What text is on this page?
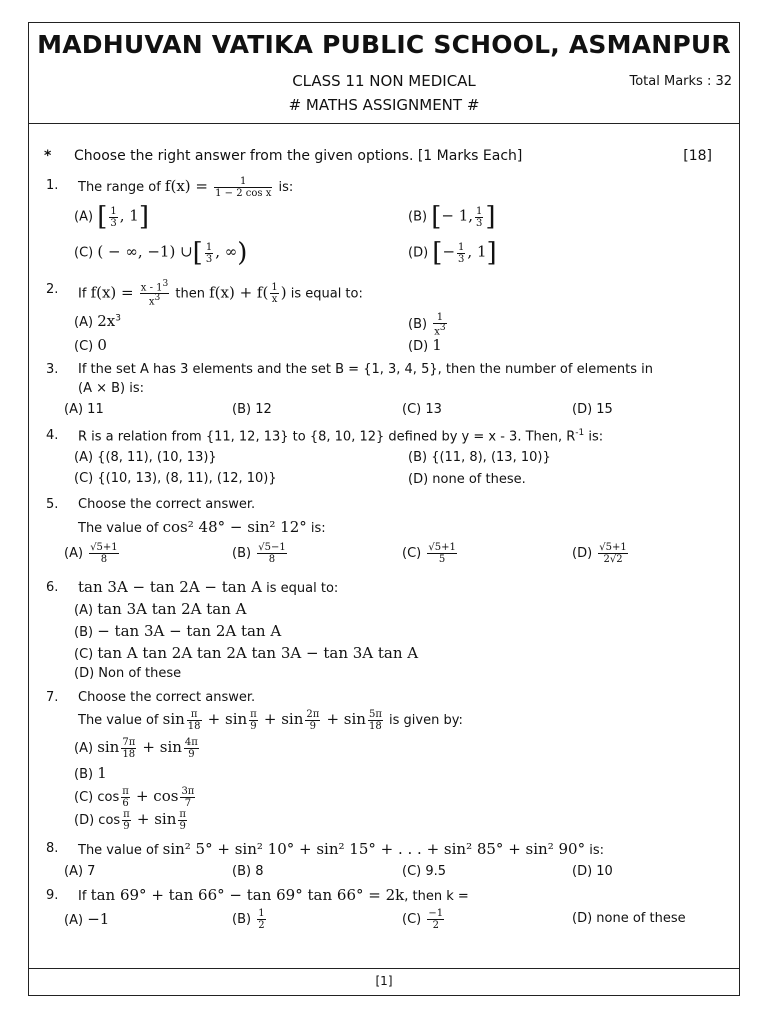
MADHUVAN VATIKA PUBLIC SCHOOL, ASMANPUR
CLASS 11 NON MEDICAL
# MATHS ASSIGNMENT #
Total Marks : 32
* Choose the right answer from the given options. [1 Marks Each]	[18]
1. The range of $f(x) = \frac{1}{\text{1 − 2 cos x}}$ is:
(A) [ $\frac{1}{3}$ , 1]	(B) [− 1, $\frac{1}{3}$ ]
(C) ( − ∞, −1) ∪[ $\frac{1}{3}$ , ∞)	(D) [− $\frac{1}{3}$ , 1]
2. If $f(x) = \frac{x - 1^3}{x^3}$ then $f(x) + f( \frac{1}{x}$ ) is equal to:
(A) $2x^3$	$(B) \frac{1}{x^3}$
(C) 0	(D) 1
3. If the set A has 3 elements and the set B = {1, 3, 4, 5}, then the number of elements in
(A × B) is:
(A) 11	(B) 12	(C) 13	(D) 15
4. R is a relation from {11, 12, 13} to {8, 10, 12} defined by y = x - 3. Then, $R^{-1}$ is:
(A) {(8, 11), (10, 13)}	(B) {(11, 8), (13, 10)}
(C) {(10, 13), (8, 11), (12, 10)}	(D) none of these.
5. Choose the correct answer.
The value of cos² 48° − sin² 12° is:
$(A) \frac{√5+1}{8}$	$(B) \frac{√5-1}{8}$	$(C) \frac{√5+1}{5}$	$(D) \frac{√5+1}{2√2}$
6. tan 3A − tan 2A − tan A is equal to:
(A) tan 3A tan 2A tan A
(B) − tan 3A − tan 2A tan A
(C) tan A tan 2A tan 2A tan 3A − tan 3A tan A
(D) Non of these
7. Choose the correct answer.
The value of $\sin \frac{\pi}{18} + \sin \frac{\pi}{9} + \sin \frac{2\pi}{9} + \sin \frac{5\pi}{18}$ is given by:
(A) $\sin \frac{7\pi}{18} + \sin \frac{4\pi}{9}$
(B) 1
(C) $\cos \frac{\pi}{6} + \cos \frac{3\pi}{7}$
(D) $\cos \frac{\pi}{9} + \sin \frac{\pi}{9}$
8. The value of sin² 5° + sin² 10° + sin² 15° + . . . + sin² 85° + sin² 90° is:
(A) 7	(B) 8	(C) 9.5	(D) 10
9. If tan 69° + tan 66° − tan 69° tan 66° = 2k, then k =
(A) −1	$(B) \frac{1}{2}$	$(C) \frac{-1}{2}$	(D) none of these
[1]
